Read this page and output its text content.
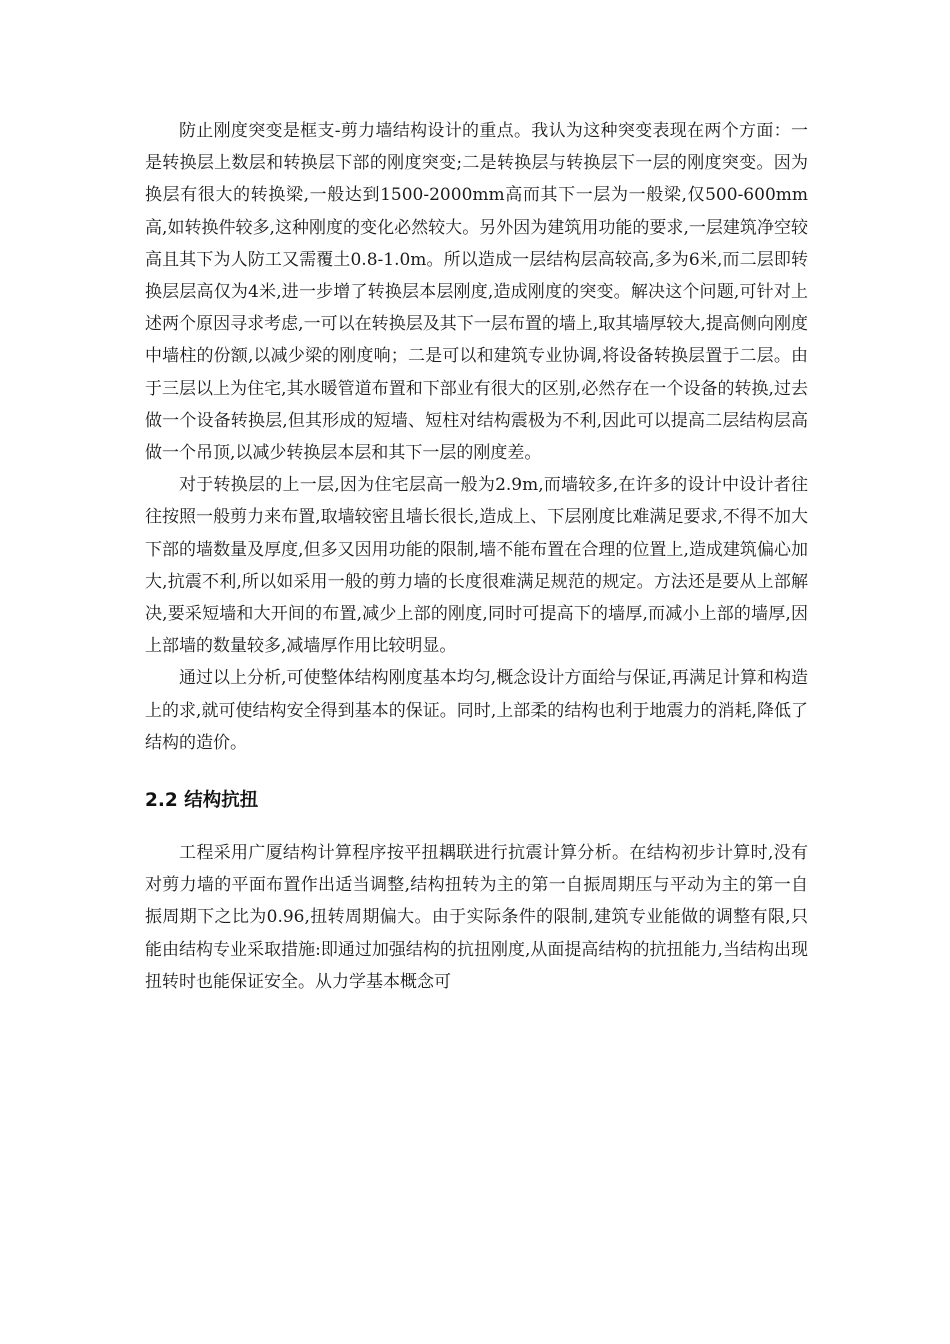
防止刚度突变是框支-剪力墙结构设计的重点。我认为这种突变表现在两个方面：一是转换层上数层和转换层下部的刚度突变;二是转换层与转换层下一层的刚度突变。因为换层有很大的转换梁,一般达到1500-2000mm高而其下一层为一般梁,仅500-600mm高,如转换件较多,这种刚度的变化必然较大。另外因为建筑用功能的要求,一层建筑净空较高且其下为人防工又需覆土0.8-1.0m。所以造成一层结构层高较高,多为6米,而二层即转换层层高仅为4米,进一步增了转换层本层刚度,造成刚度的突变。解决这个问题,可针对上述两个原因寻求考虑,一可以在转换层及其下一层布置的墙上,取其墙厚较大,提高侧向刚度中墙柱的份额,以减少梁的刚度响；二是可以和建筑专业协调,将设备转换层置于二层。由于三层以上为住宅,其水暖管道布置和下部业有很大的区别,必然存在一个设备的转换,过去做一个设备转换层,但其形成的短墙、短柱对结构震极为不利,因此可以提高二层结构层高做一个吊顶,以减少转换层本层和其下一层的刚度差。

对于转换层的上一层,因为住宅层高一般为2.9m,而墙较多,在许多的设计中设计者往往按照一般剪力来布置,取墙较密且墙长很长,造成上、下层刚度比难满足要求,不得不加大下部的墙数量及厚度,但多又因用功能的限制,墙不能布置在合理的位置上,造成建筑偏心加大,抗震不利,所以如采用一般的剪力墙的长度很难满足规范的规定。方法还是要从上部解决,要采短墙和大开间的布置,减少上部的刚度,同时可提高下的墙厚,而减小上部的墙厚,因上部墙的数量较多,减墙厚作用比较明显。

通过以上分析,可使整体结构刚度基本均匀,概念设计方面给与保证,再满足计算和构造上的求,就可使结构安全得到基本的保证。同时,上部柔的结构也利于地震力的消耗,降低了结构的造价。

2.2 结构抗扭

工程采用广厦结构计算程序按平扭耦联进行抗震计算分析。在结构初步计算时,没有对剪力墙的平面布置作出适当调整,结构扭转为主的第一自振周期压与平动为主的第一自振周期下之比为0.96,扭转周期偏大。由于实际条件的限制,建筑专业能做的调整有限,只能由结构专业采取措施:即通过加强结构的抗扭刚度,从面提高结构的抗扭能力,当结构出现扭转时也能保证安全。从力学基本概念可
